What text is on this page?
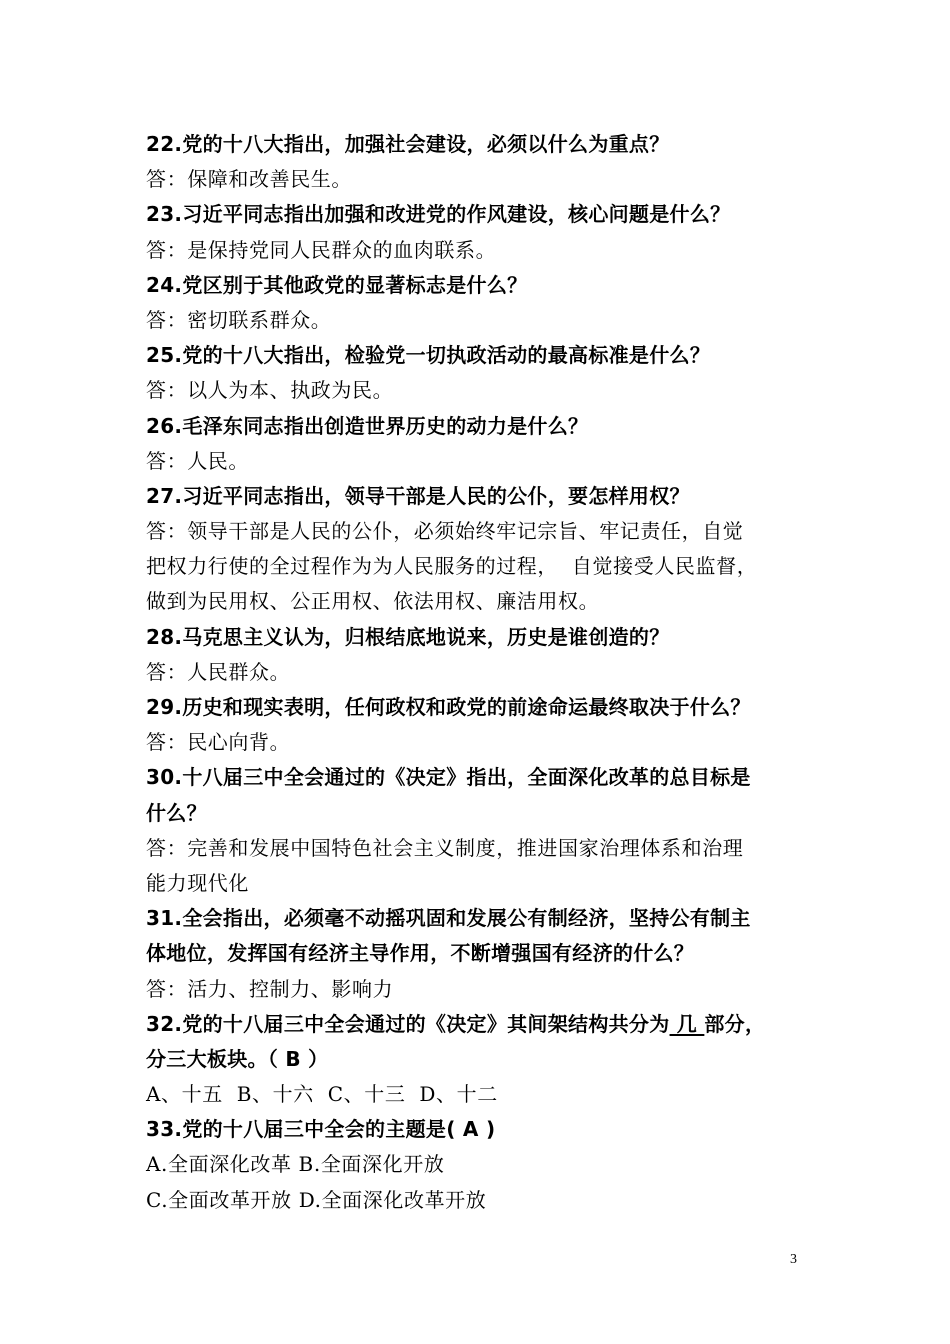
22.党的十八大指出，加强社会建设，必须以什么为重点？
答：保障和改善民生。
23.习近平同志指出加强和改进党的作风建设，核心问题是什么？
答：是保持党同人民群众的血肉联系。
24.党区别于其他政党的显著标志是什么？
答：密切联系群众。
25.党的十八大指出，检验党一切执政活动的最高标准是什么？
答：以人为本、执政为民。
26.毛泽东同志指出创造世界历史的动力是什么？
答：人民。
27.习近平同志指出，领导干部是人民的公仆，要怎样用权？
答：领导干部是人民的公仆，必须始终牢记宗旨、牢记责任，自觉
把权力行使的全过程作为为人民服务的过程，  自觉接受人民监督，
做到为民用权、公正用权、依法用权、廉洁用权。
28.马克思主义认为，归根结底地说来，历史是谁创造的？
答：人民群众。
29.历史和现实表明，任何政权和政党的前途命运最终取决于什么？
答：民心向背。
30.十八届三中全会通过的《决定》指出，全面深化改革的总目标是
什么？
答：完善和发展中国特色社会主义制度，推进国家治理体系和治理
能力现代化
31.全会指出，必须毫不动摇巩固和发展公有制经济，坚持公有制主
体地位，发挥国有经济主导作用，不断增强国有经济的什么？
答：活力、控制力、影响力
32.党的十八届三中全会通过的《决定》其间架结构共分为 几 部分，
分三大板块。（ B ）
A、十五  B、十六  C、十三  D、十二
33.党的十八届三中全会的主题是( A )
A.全面深化改革 B.全面深化开放
C.全面改革开放 D.全面深化改革开放
3
